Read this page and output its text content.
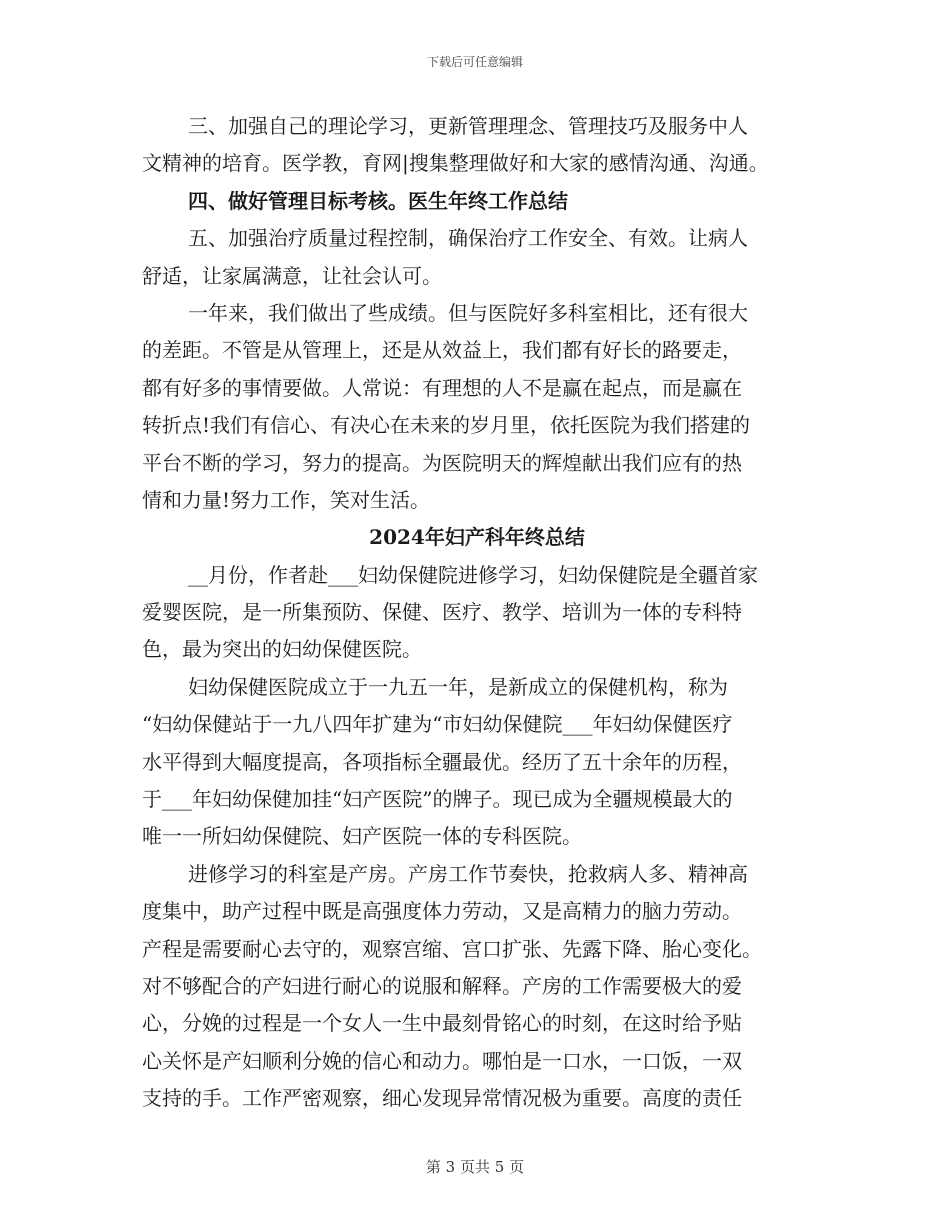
下载后可任意编辑
三、加强自己的理论学习，更新管理理念、管理技巧及服务中人
文精神的培育。医学教，育网|搜集整理做好和大家的感情沟通、沟通。
四、做好管理目标考核。医生年终工作总结
五、加强治疗质量过程控制，确保治疗工作安全、有效。让病人
舒适，让家属满意，让社会认可。
一年来，我们做出了些成绩。但与医院好多科室相比，还有很大
的差距。不管是从管理上，还是从效益上，我们都有好长的路要走，
都有好多的事情要做。人常说：有理想的人不是赢在起点，而是赢在
转折点!我们有信心、有决心在未来的岁月里，依托医院为我们搭建的
平台不断的学习，努力的提高。为医院明天的辉煌献出我们应有的热
情和力量!努力工作，笑对生活。
2024年妇产科年终总结
__月份，作者赴___妇幼保健院进修学习，妇幼保健院是全疆首家
爱婴医院，是一所集预防、保健、医疗、教学、培训为一体的专科特
色，最为突出的妇幼保健医院。
妇幼保健医院成立于一九五一年，是新成立的保健机构，称为
“妇幼保健站于一九八四年扩建为“市妇幼保健院___年妇幼保健医疗
水平得到大幅度提高，各项指标全疆最优。经历了五十余年的历程，
于___年妇幼保健加挂“妇产医院”的牌子。现已成为全疆规模最大的
唯一一所妇幼保健院、妇产医院一体的专科医院。
进修学习的科室是产房。产房工作节奏快，抢救病人多、精神高
度集中，助产过程中既是高强度体力劳动，又是高精力的脑力劳动。
产程是需要耐心去守的，观察宫缩、宫口扩张、先露下降、胎心变化。
对不够配合的产妇进行耐心的说服和解释。产房的工作需要极大的爱
心，分娩的过程是一个女人一生中最刻骨铭心的时刻，在这时给予贴
心关怀是产妇顺利分娩的信心和动力。哪怕是一口水，一口饭，一双
支持的手。工作严密观察，细心发现异常情况极为重要。高度的责任
第 3 页共 5 页
